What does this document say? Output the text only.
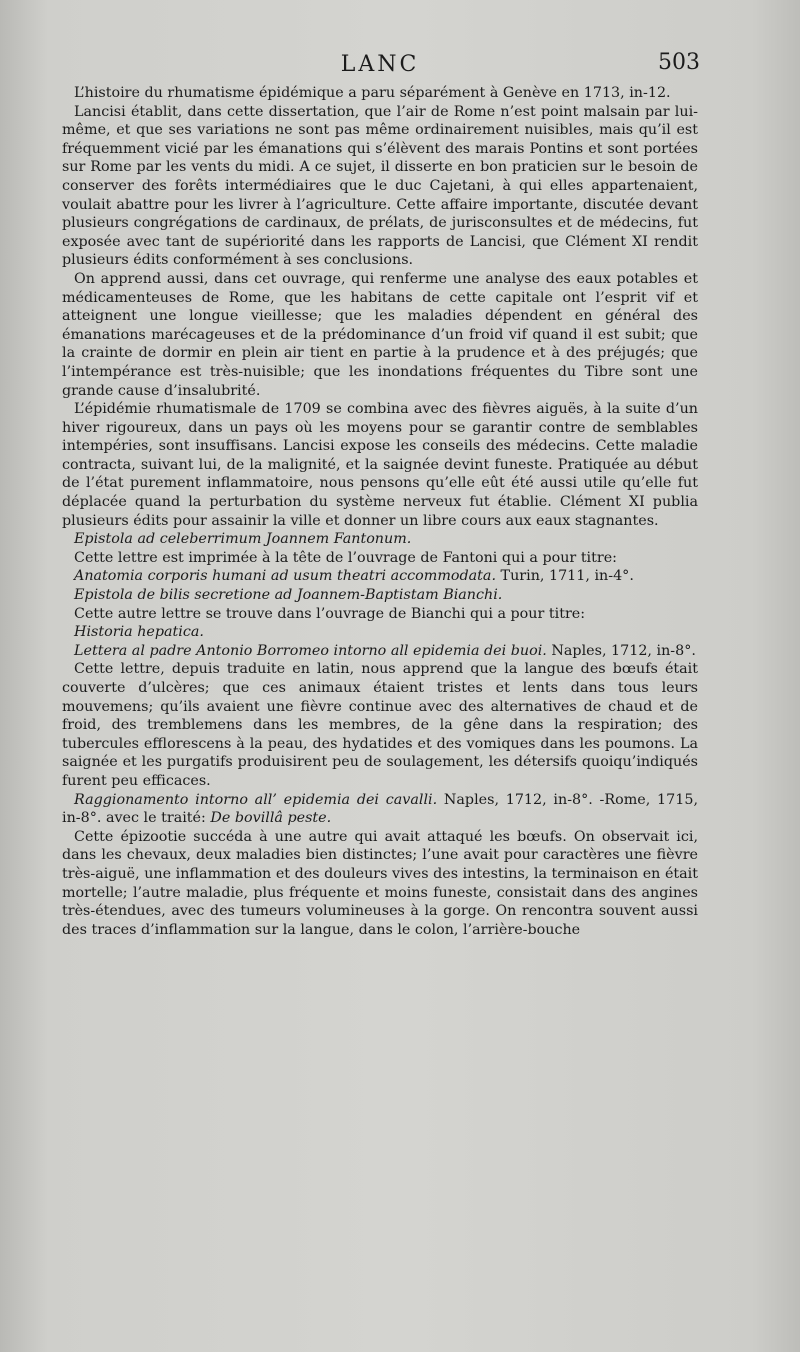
LANC	503

L’histoire du rhumatisme épidémique a paru séparément à Genève en 1713, in-12.

Lancisi établit, dans cette dissertation, que l’air de Rome n’est point malsain par lui-même, et que ses variations ne sont pas même ordinairement nuisibles, mais qu’il est fréquemment vicié par les émanations qui s’élèvent des marais Pontins et sont portées sur Rome par les vents du midi. A ce sujet, il disserte en bon praticien sur le besoin de conserver des forêts intermédiaires que le duc Cajetani, à qui elles appartenaient, voulait abattre pour les livrer à l’agriculture. Cette affaire importante, discutée devant plusieurs congrégations de cardinaux, de prélats, de jurisconsultes et de médecins, fut exposée avec tant de supériorité dans les rapports de Lancisi, que Clément XI rendit plusieurs édits conformément à ses conclusions.

On apprend aussi, dans cet ouvrage, qui renferme une analyse des eaux potables et médicamenteuses de Rome, que les habitans de cette capitale ont l’esprit vif et atteignent une longue vieillesse; que les maladies dépendent en général des émanations marécageuses et de la prédominance d’un froid vif quand il est subit; que la crainte de dormir en plein air tient en partie à la prudence et à des préjugés; que l’intempérance est très-nuisible; que les inondations fréquentes du Tibre sont une grande cause d’insalubrité.

L’épidémie rhumatismale de 1709 se combina avec des fièvres aiguës, à la suite d’un hiver rigoureux, dans un pays où les moyens pour se garantir contre de semblables intempéries, sont insuffisans. Lancisi expose les conseils des médecins. Cette maladie contracta, suivant lui, de la malignité, et la saignée devint funeste. Pratiquée au début de l’état purement inflammatoire, nous pensons qu’elle eût été aussi utile qu’elle fut déplacée quand la perturbation du système nerveux fut établie. Clément XI publia plusieurs édits pour assainir la ville et donner un libre cours aux eaux stagnantes.

Epistola ad celeberrimum Joannem Fantonum.

Cette lettre est imprimée à la tête de l’ouvrage de Fantoni qui a pour titre:

Anatomia corporis humani ad usum theatri accommodata. Turin, 1711, in-4°.

Epistola de bilis secretione ad Joannem-Baptistam Bianchi.

Cette autre lettre se trouve dans l’ouvrage de Bianchi qui a pour titre:

Historia hepatica.

Lettera al padre Antonio Borromeo intorno all epidemia dei buoi. Naples, 1712, in-8°.

Cette lettre, depuis traduite en latin, nous apprend que la langue des bœufs était couverte d’ulcères; que ces animaux étaient tristes et lents dans tous leurs mouvemens; qu’ils avaient une fièvre continue avec des alternatives de chaud et de froid, des tremblemens dans les membres, de la gêne dans la respiration; des tubercules efflorescens à la peau, des hydatides et des vomiques dans les poumons. La saignée et les purgatifs produisirent peu de soulagement, les détersifs quoiqu’indiqués furent peu efficaces.

Raggionamento intorno all’ epidemia dei cavalli. Naples, 1712, in-8°. -Rome, 1715, in-8°. avec le traité: De bovillâ peste.

Cette épizootie succéda à une autre qui avait attaqué les bœufs. On observait ici, dans les chevaux, deux maladies bien distinctes; l’une avait pour caractères une fièvre très-aiguë, une inflammation et des douleurs vives des intestins, la terminaison en était mortelle; l’autre maladie, plus fréquente et moins funeste, consistait dans des angines très-étendues, avec des tumeurs volumineuses à la gorge. On rencontra souvent aussi des traces d’inflammation sur la langue, dans le colon, l’arrière-bouche
